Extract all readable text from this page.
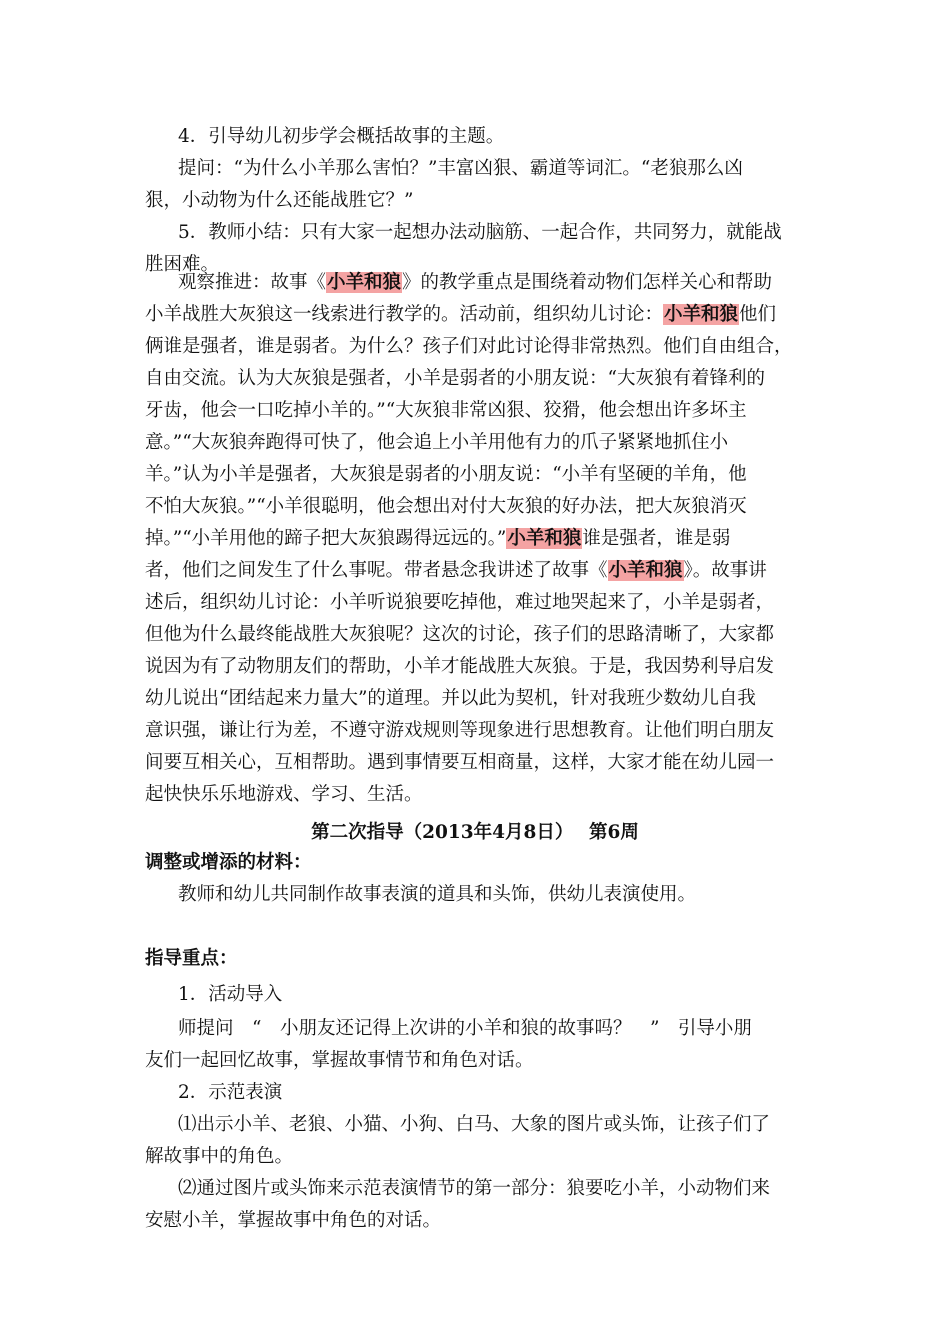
4．引导幼儿初步学会概括故事的主题。
提问：“为什么小羊那么害怕？”丰富凶狠、霸道等词汇。“老狼那么凶
狠，小动物为什么还能战胜它？”
5．教师小结：只有大家一起想办法动脑筋、一起合作，共同努力，就能战
胜困难。
观察推进：故事《小羊和狼》的教学重点是围绕着动物们怎样关心和帮助
小羊战胜大灰狼这一线索进行教学的。活动前，组织幼儿讨论：小羊和狼他们
俩谁是强者，谁是弱者。为什么？孩子们对此讨论得非常热烈。他们自由组合，
自由交流。认为大灰狼是强者，小羊是弱者的小朋友说：“大灰狼有着锋利的
牙齿，他会一口吃掉小羊的。”“大灰狼非常凶狠、狡猾，他会想出许多坏主
意。”“大灰狼奔跑得可快了，他会追上小羊用他有力的爪子紧紧地抓住小
羊。”认为小羊是强者，大灰狼是弱者的小朋友说：“小羊有坚硬的羊角，他
不怕大灰狼。”“小羊很聪明，他会想出对付大灰狼的好办法，把大灰狼消灭
掉。”“小羊用他的蹄子把大灰狼踢得远远的。”小羊和狼谁是强者，谁是弱
者，他们之间发生了什么事呢。带者悬念我讲述了故事《小羊和狼》。故事讲
述后，组织幼儿讨论：小羊听说狼要吃掉他，难过地哭起来了，小羊是弱者，
但他为什么最终能战胜大灰狼呢？这次的讨论，孩子们的思路清晰了，大家都
说因为有了动物朋友们的帮助，小羊才能战胜大灰狼。于是，我因势利导启发
幼儿说出“团结起来力量大”的道理。并以此为契机，针对我班少数幼儿自我
意识强，谦让行为差，不遵守游戏规则等现象进行思想教育。让他们明白朋友
间要互相关心，互相帮助。遇到事情要互相商量，这样，大家才能在幼儿园一
起快快乐乐地游戏、学习、生活。
第二次指导（2013年4月8日）　 第6周
调整或增添的材料：
教师和幼儿共同制作故事表演的道具和头饰，供幼儿表演使用。
指导重点：
1．活动导入
师提问　“　小朋友还记得上次讲的小羊和狼的故事吗？　”　引导小朋
友们一起回忆故事，掌握故事情节和角色对话。
2．示范表演
⑴出示小羊、老狼、小猫、小狗、白马、大象的图片或头饰，让孩子们了
解故事中的角色。
⑵通过图片或头饰来示范表演情节的第一部分：狼要吃小羊，小动物们来
安慰小羊，掌握故事中角色的对话。
